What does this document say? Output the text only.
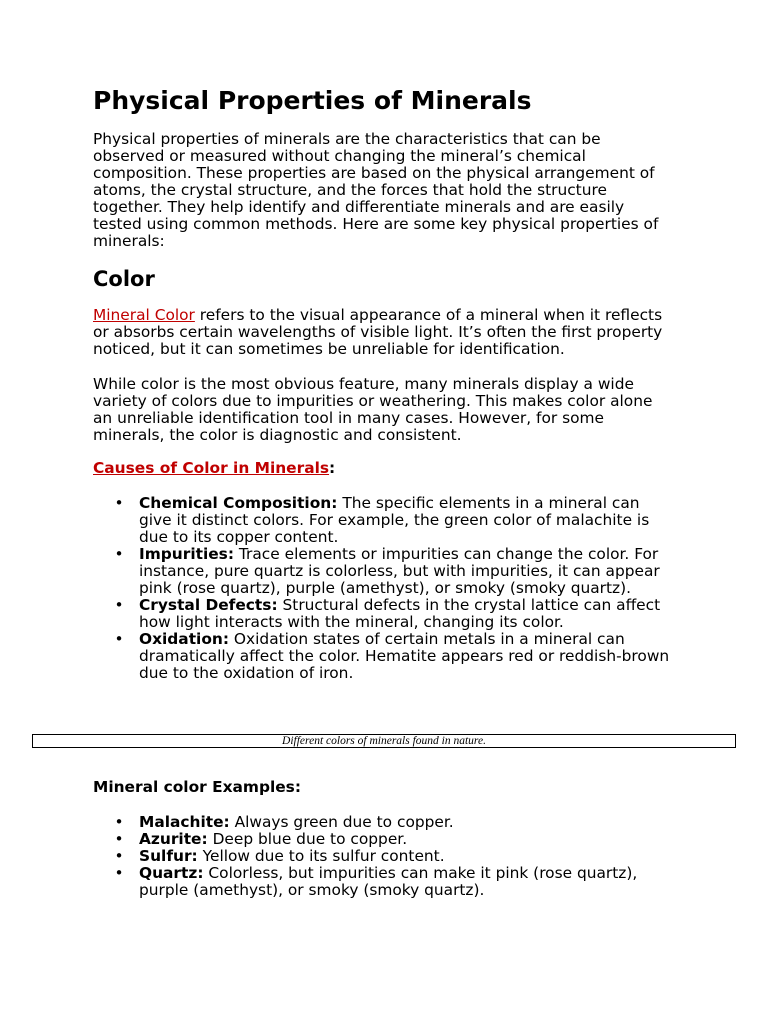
Physical Properties of Minerals
Physical properties of minerals are the characteristics that can be
observed or measured without changing the mineral’s chemical
composition. These properties are based on the physical arrangement of
atoms, the crystal structure, and the forces that hold the structure
together. They help identify and differentiate minerals and are easily
tested using common methods. Here are some key physical properties of
minerals:
Color
Mineral Color refers to the visual appearance of a mineral when it reflects
or absorbs certain wavelengths of visible light. It’s often the first property
noticed, but it can sometimes be unreliable for identification.
While color is the most obvious feature, many minerals display a wide
variety of colors due to impurities or weathering. This makes color alone
an unreliable identification tool in many cases. However, for some
minerals, the color is diagnostic and consistent.
Causes of Color in Minerals:
•
Chemical Composition: The specific elements in a mineral can
give it distinct colors. For example, the green color of malachite is
due to its copper content.
•
Impurities: Trace elements or impurities can change the color. For
instance, pure quartz is colorless, but with impurities, it can appear
pink (rose quartz), purple (amethyst), or smoky (smoky quartz).
•
Crystal Defects: Structural defects in the crystal lattice can affect
how light interacts with the mineral, changing its color.
•
Oxidation: Oxidation states of certain metals in a mineral can
dramatically affect the color. Hematite appears red or reddish-brown
due to the oxidation of iron.
Different colors of minerals found in nature.
Mineral color Examples:
•
Malachite: Always green due to copper.
•
Azurite: Deep blue due to copper.
•
Sulfur: Yellow due to its sulfur content.
•
Quartz: Colorless, but impurities can make it pink (rose quartz),
purple (amethyst), or smoky (smoky quartz).
